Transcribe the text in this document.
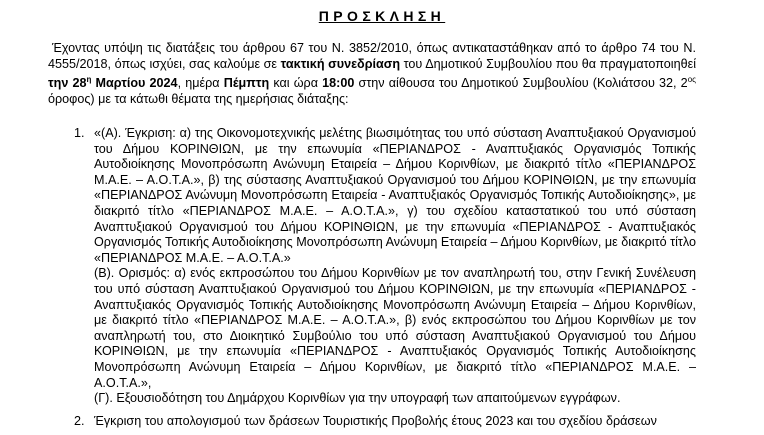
ΠΡΟΣΚΛΗΣΗ
Έχοντας υπόψη τις διατάξεις του άρθρου 67 του Ν. 3852/2010, όπως αντικαταστάθηκαν από το άρθρο 74 του Ν. 4555/2018, όπως ισχύει, σας καλούμε σε τακτική συνεδρίαση του Δημοτικού Συμβουλίου που θα πραγματοποιηθεί την $28^\eta$ Μαρτίου 2024, ημέρα Πέμπτη και ώρα 18:00 στην αίθουσα του Δημοτικού Συμβουλίου (Κολιάτσου 32, $2^{o\varsigma}$ όροφος) με τα κάτωθι θέματα της ημερήσιας διάταξης:
1. «(Α). Έγκριση: α) της Οικονομοτεχνικής μελέτης βιωσιμότητας του υπό σύσταση Αναπτυξιακού Οργανισμού του Δήμου ΚΟΡΙΝΘΙΩΝ, με την επωνυμία «ΠΕΡΙΑΝΔΡΟΣ - Αναπτυξιακός Οργανισμός Τοπικής Αυτοδιοίκησης Μονοπρόσωπη Ανώνυμη Εταιρεία – Δήμου Κορινθίων, με διακριτό τίτλο «ΠΕΡΙΑΝΔΡΟΣ Μ.Α.Ε. – Α.Ο.Τ.Α.», β) της σύστασης Αναπτυξιακού Οργανισμού του Δήμου ΚΟΡΙΝΘΙΩΝ, με την επωνυμία «ΠΕΡΙΑΝΔΡΟΣ Ανώνυμη Μονοπρόσωπη Εταιρεία - Αναπτυξιακός Οργανισμός Τοπικής Αυτοδιοίκησης», με διακριτό τίτλο «ΠΕΡΙΑΝΔΡΟΣ Μ.Α.Ε. – Α.Ο.Τ.Α.», γ) του σχεδίου καταστατικού του υπό σύσταση Αναπτυξιακού Οργανισμού του Δήμου ΚΟΡΙΝΘΙΩΝ, με την επωνυμία «ΠΕΡΙΑΝΔΡΟΣ - Αναπτυξιακός Οργανισμός Τοπικής Αυτοδιοίκησης Μονοπρόσωπη Ανώνυμη Εταιρεία – Δήμου Κορινθίων, με διακριτό τίτλο «ΠΕΡΙΑΝΔΡΟΣ Μ.Α.Ε. – Α.Ο.Τ.Α.»

(Β). Ορισμός: α) ενός εκπροσώπου του Δήμου Κορινθίων με τον αναπληρωτή του, στην Γενική Συνέλευση του υπό σύσταση Αναπτυξιακού Οργανισμού του Δήμου ΚΟΡΙΝΘΙΩΝ, με την επωνυμία «ΠΕΡΙΑΝΔΡΟΣ - Αναπτυξιακός Οργανισμός Τοπικής Αυτοδιοίκησης Μονοπρόσωπη Ανώνυμη Εταιρεία – Δήμου Κορινθίων, με διακριτό τίτλο «ΠΕΡΙΑΝΔΡΟΣ Μ.Α.Ε. – Α.Ο.Τ.Α.», β) ενός εκπροσώπου του Δήμου Κορινθίων με τον αναπληρωτή του, στο Διοικητικό Συμβούλιο του υπό σύσταση Αναπτυξιακού Οργανισμού του Δήμου ΚΟΡΙΝΘΙΩΝ, με την επωνυμία «ΠΕΡΙΑΝΔΡΟΣ - Αναπτυξιακός Οργανισμός Τοπικής Αυτοδιοίκησης Μονοπρόσωπη Ανώνυμη Εταιρεία – Δήμου Κορινθίων, με διακριτό τίτλο «ΠΕΡΙΑΝΔΡΟΣ Μ.Α.Ε. – Α.Ο.Τ.Α.»,

(Γ). Εξουσιοδότηση του Δημάρχου Κορινθίων για την υπογραφή των απαιτούμενων εγγράφων.

2. Έγκριση του απολογισμού των δράσεων Τουριστικής Προβολής έτους 2023 και του σχεδίου δράσεων
